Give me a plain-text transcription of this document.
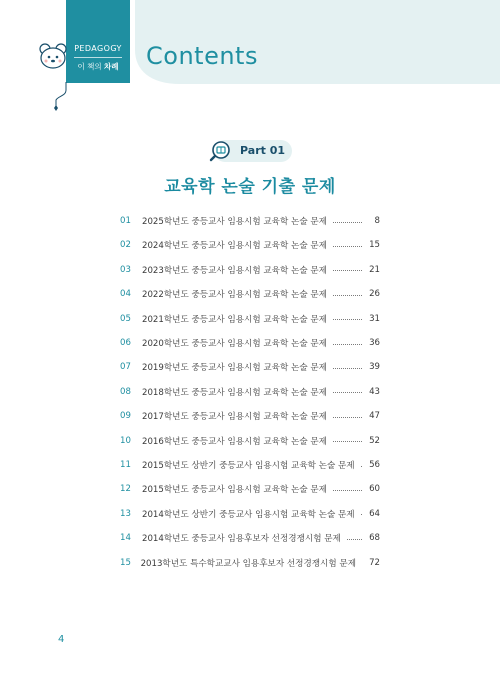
PEDAGOGY
이 책의 차례	Contents
Part 01
교육학 논술 기출 문제
01	2025학년도 중등교사 임용시험 교육학 논술 문제	8
02	2024학년도 중등교사 임용시험 교육학 논술 문제	15
03	2023학년도 중등교사 임용시험 교육학 논술 문제	21
04	2022학년도 중등교사 임용시험 교육학 논술 문제	26
05	2021학년도 중등교사 임용시험 교육학 논술 문제	31
06	2020학년도 중등교사 임용시험 교육학 논술 문제	36
07	2019학년도 중등교사 임용시험 교육학 논술 문제	39
08	2018학년도 중등교사 임용시험 교육학 논술 문제	43
09	2017학년도 중등교사 임용시험 교육학 논술 문제	47
10	2016학년도 중등교사 임용시험 교육학 논술 문제	52
11	2015학년도 상반기 중등교사 임용시험 교육학 논술 문제	56
12	2015학년도 중등교사 임용시험 교육학 논술 문제	60
13	2014학년도 상반기 중등교사 임용시험 교육학 논술 문제	64
14	2014학년도 중등교사 임용후보자 선정경쟁시험 문제	68
15	2013학년도 특수학교교사 임용후보자 선정경쟁시험 문제	72
4
